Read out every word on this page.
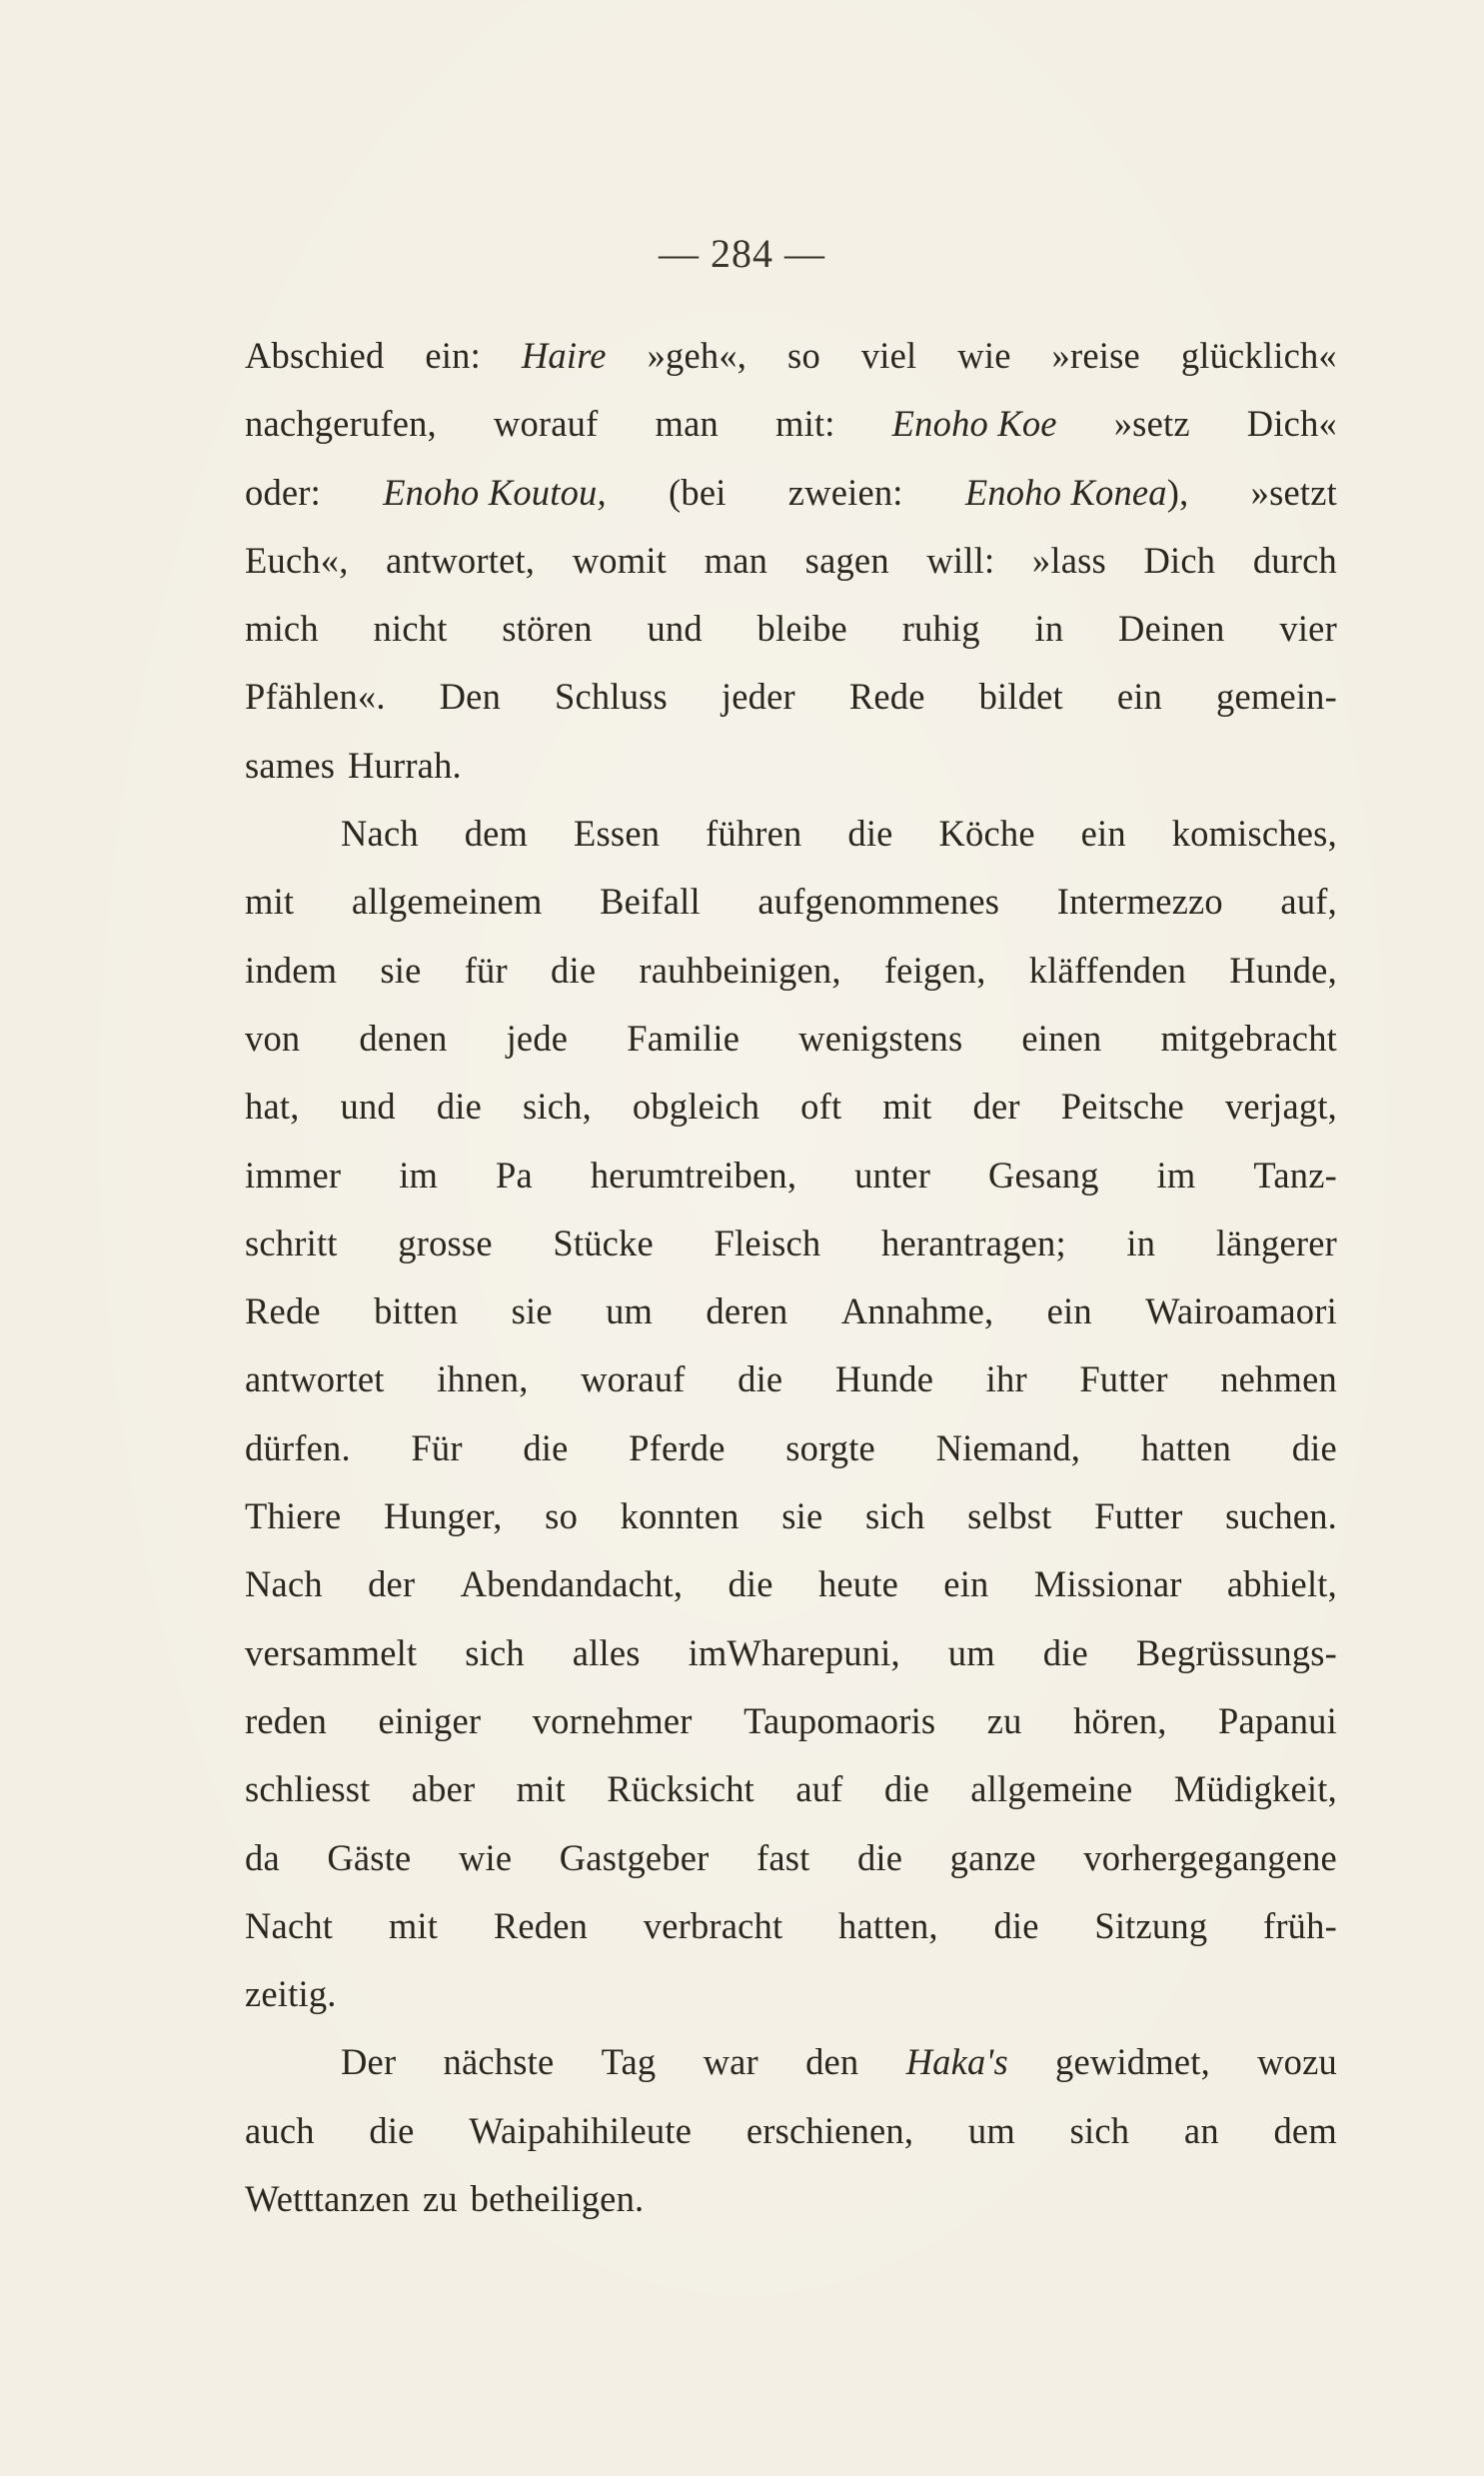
— 284 —
Abschied ein: Haire »geh«, so viel wie »reise glücklich«
nachgerufen, worauf man mit: Enoho Koe »setz Dich«
oder: Enoho Koutou, (bei zweien: Enoho Konea), »setzt
Euch«, antwortet, womit man sagen will: »lass Dich durch
mich nicht stören und bleibe ruhig in Deinen vier
Pfählen«. Den Schluss jeder Rede bildet ein gemein-
sames Hurrah.
Nach dem Essen führen die Köche ein komisches,
mit allgemeinem Beifall aufgenommenes Intermezzo auf,
indem sie für die rauhbeinigen, feigen, kläffenden Hunde,
von denen jede Familie wenigstens einen mitgebracht
hat, und die sich, obgleich oft mit der Peitsche verjagt,
immer im Pa herumtreiben, unter Gesang im Tanz-
schritt grosse Stücke Fleisch herantragen; in längerer
Rede bitten sie um deren Annahme, ein Wairoamaori
antwortet ihnen, worauf die Hunde ihr Futter nehmen
dürfen. Für die Pferde sorgte Niemand, hatten die
Thiere Hunger, so konnten sie sich selbst Futter suchen.
Nach der Abendandacht, die heute ein Missionar abhielt,
versammelt sich alles imWharepuni, um die Begrüssungs-
reden einiger vornehmer Taupomaoris zu hören, Papanui
schliesst aber mit Rücksicht auf die allgemeine Müdigkeit,
da Gäste wie Gastgeber fast die ganze vorhergegangene
Nacht mit Reden verbracht hatten, die Sitzung früh-
zeitig.
Der nächste Tag war den Haka's gewidmet, wozu
auch die Waipahihileute erschienen, um sich an dem
Wetttanzen zu betheiligen.
